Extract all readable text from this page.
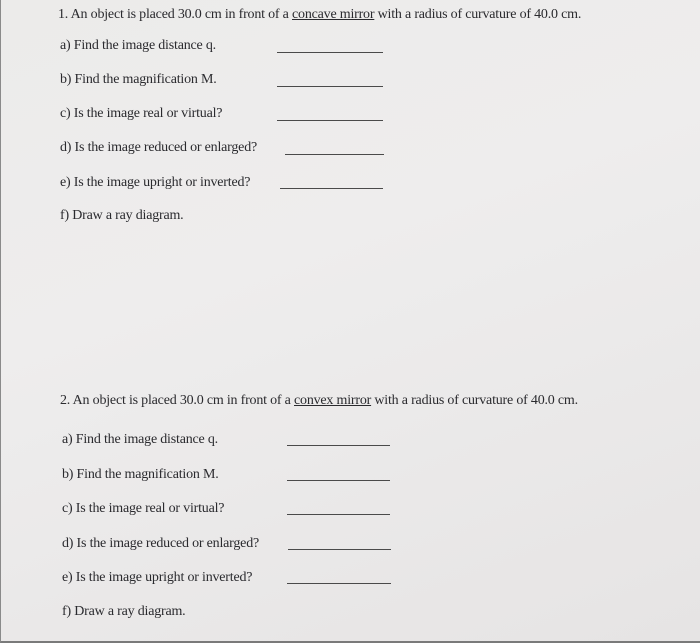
1. An object is placed 30.0 cm in front of a concave mirror with a radius of curvature of 40.0 cm.
a) Find the image distance q.
b) Find the magnification M.
c) Is the image real or virtual?
d) Is the image reduced or enlarged?
e) Is the image upright or inverted?
f) Draw a ray diagram.
2. An object is placed 30.0 cm in front of a convex mirror with a radius of curvature of 40.0 cm.
a) Find the image distance q.
b) Find the magnification M.
c) Is the image real or virtual?
d) Is the image reduced or enlarged?
e) Is the image upright or inverted?
f) Draw a ray diagram.
